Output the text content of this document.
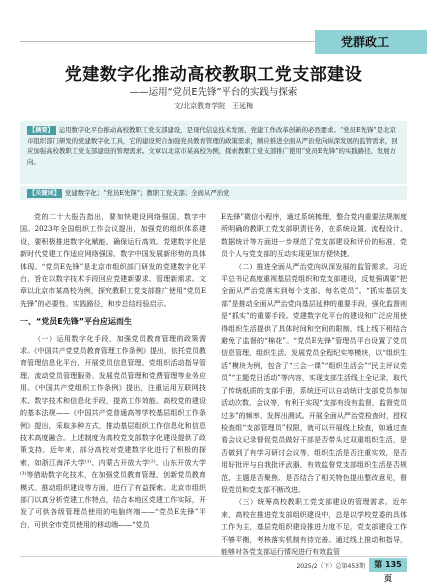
党群政工
党建数字化推动高校教职工党支部建设
——运用“党员E先锋”平台的实践与探索
文/北京教育学院　王延梅
【摘要】 运用数字化平台推动高校教职工党支部建设，是现代信息技术发展、党建工作改革创新的必然要求。“党员E先锋”是北京市组织部门研发的党建数字化工具，它的建设契合加强党员教育管理的政策需求，顺应推进全面从严治党向纵深发展的监管需求，回应加强高校教职工党支部建设的管理需求。文章以北京市某高校为例，探索教职工党支部推广使用“党员E先锋”的实践路径、发展方向。
【关键词】 党建数字化；“党员E先锋”；教职工党支部；全面从严治党

党的二十大报告指出，要加快建设网络强国、数字中国。2023年全国组织工作会议提出，加强党的组织体系建设，要积极推进数字化赋能、确保运行高效。党建数字化是新时代党建工作适应网络强国、数字中国发展新形势的具体体现。“党员E先锋”是北京市组织部门研发的党建数字化平台，旨在以数字技术手段回应党建新要求、管理新需求。文章以北京市某高校为例，探究教职工党支部推广使用“党员E先锋”的必要性、实践路径，和步总结经验启示。

一、“党员E先锋”平台应运而生

（一）运用数字化手段，加强党员教育管理的政策需求。《中国共产党党员教育管理工作条例》提出，依托党员教育管理信息化平台，开展党员信息管理、党组织活动指导管理、流动党员管理服务、发展党员管理和党费管理等业务应用。《中国共产党组织工作条例》提出，注重运用互联网技术、数字技术和信息化手段，提高工作效能。高校党的建设的基本法规——《中国共产党普通高等学校基层组织工作条例》提出，采取多种方式，推动基层组织工作信息化和信息技术高度融合。上述制度为高校党支部数字化建设提供了政策支持。近年来，部分高校对党建数字化进行了积极的探索，如浙江海洋大学⁽¹⁾、内蒙古开放大学⁽²⁾、山东开放大学⁽³⁾等借助数字化技术，在加强党员教育管理、创新党员教育模式、推动组织建设等方面，进行了有益探索。北京市组织部门以真分析党建工作特点，结合本地区党建工作实际，开发了可供各级管理员使用的电脑终端——“党员E先锋”平台，可供全市党员使用的移动端——“党员

E先锋”微信小程序，通过系统梳理，整合党内重要法规制度所明确的教职工党支部职责任务，在系统设置、流程设计、数据统计等方面进一步规范了党支部建设和评价的标准，党员个人与党支部的互动实现更加方便快捷。

（二）推进全面从严治党向纵深发展的监管需求。习近平总书记高度重视基层党组织和党支部建设，反复强调要“把全面从严治党落实到每个支部、每名党员”。“抓实基层支部”是推动全面从严治党向基层延伸的重要手段，强化监督则是“抓实”的重要手段。党建数字化平台的建设和广泛应用使得组织生活提供了具体时间和空间的限制，线上线下相结合避免了监督的“棉花”。“党员E先锋”管理员平台设置了党员信息管理、组织生活、发展党员全程纪实等模块，以“组织生活”模块为例，包含了“三会一课”“组织生活会”“民主评议党员”“主题党日活动”等内容，实现支部生活线上全记录，取代了传统纸质的支部手册，系统还可以自动统计支部党员参加活动次数、会议等，有利于实现“支部有没有监督，监督党员过多”的频率、发挥出测试。开展全面从严治党检查时，授权检查组“支部管理员”权限，就可以开展线上检查，如通过查看会议记录督促党员做好干部是否带头过双重组织生活，是否做到了有学习研讨会议等，组织生活是否注重实效，是否用好批评与自我批评武器，有效监督党支部组织生活是否规范、主题是否聚焦、是否结合了相关特色提出整改意见，督促党员和党支部不断改进。

（三）统筹高校教职工党支部建设的管理需求。近年来，高校在推进党支部组织建设中，总是以学校党委的具体工作为主，基层党组织建设推进力度不足，党支部建设工作不够平衡，考核落实机制有待完善。通过线上推动和指导，能够对各党支部运行情况进行有效监管

2025/2（下）总第453期	第 135 页
